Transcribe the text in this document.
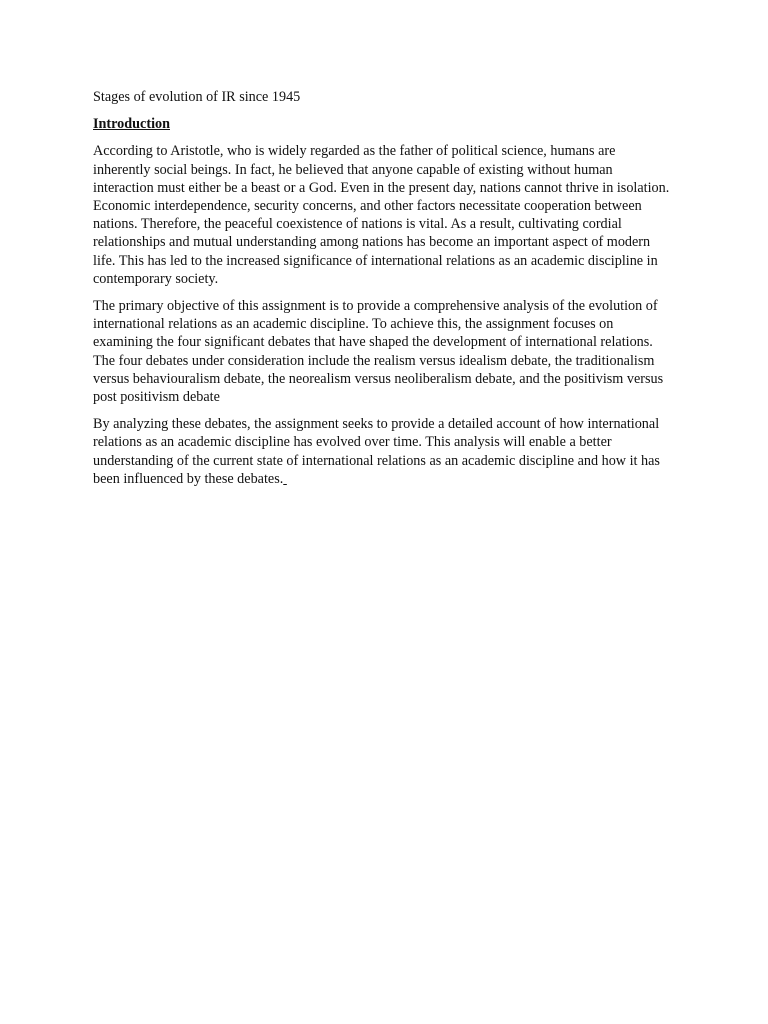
Stages of evolution of IR since 1945

Introduction

According to Aristotle, who is widely regarded as the father of political science, humans are inherently social beings. In fact, he believed that anyone capable of existing without human interaction must either be a beast or a God. Even in the present day, nations cannot thrive in isolation. Economic interdependence, security concerns, and other factors necessitate cooperation between nations. Therefore, the peaceful coexistence of nations is vital. As a result, cultivating cordial relationships and mutual understanding among nations has become an important aspect of modern life. This has led to the increased significance of international relations as an academic discipline in contemporary society.

The primary objective of this assignment is to provide a comprehensive analysis of the evolution of international relations as an academic discipline. To achieve this, the assignment focuses on examining the four significant debates that have shaped the development of international relations. The four debates under consideration include the realism versus idealism debate, the traditionalism versus behaviouralism debate, the neorealism versus neoliberalism debate, and the positivism versus post positivism debate

By analyzing these debates, the assignment seeks to provide a detailed account of how international relations as an academic discipline has evolved over time. This analysis will enable a better understanding of the current state of international relations as an academic discipline and how it has been influenced by these debates.
